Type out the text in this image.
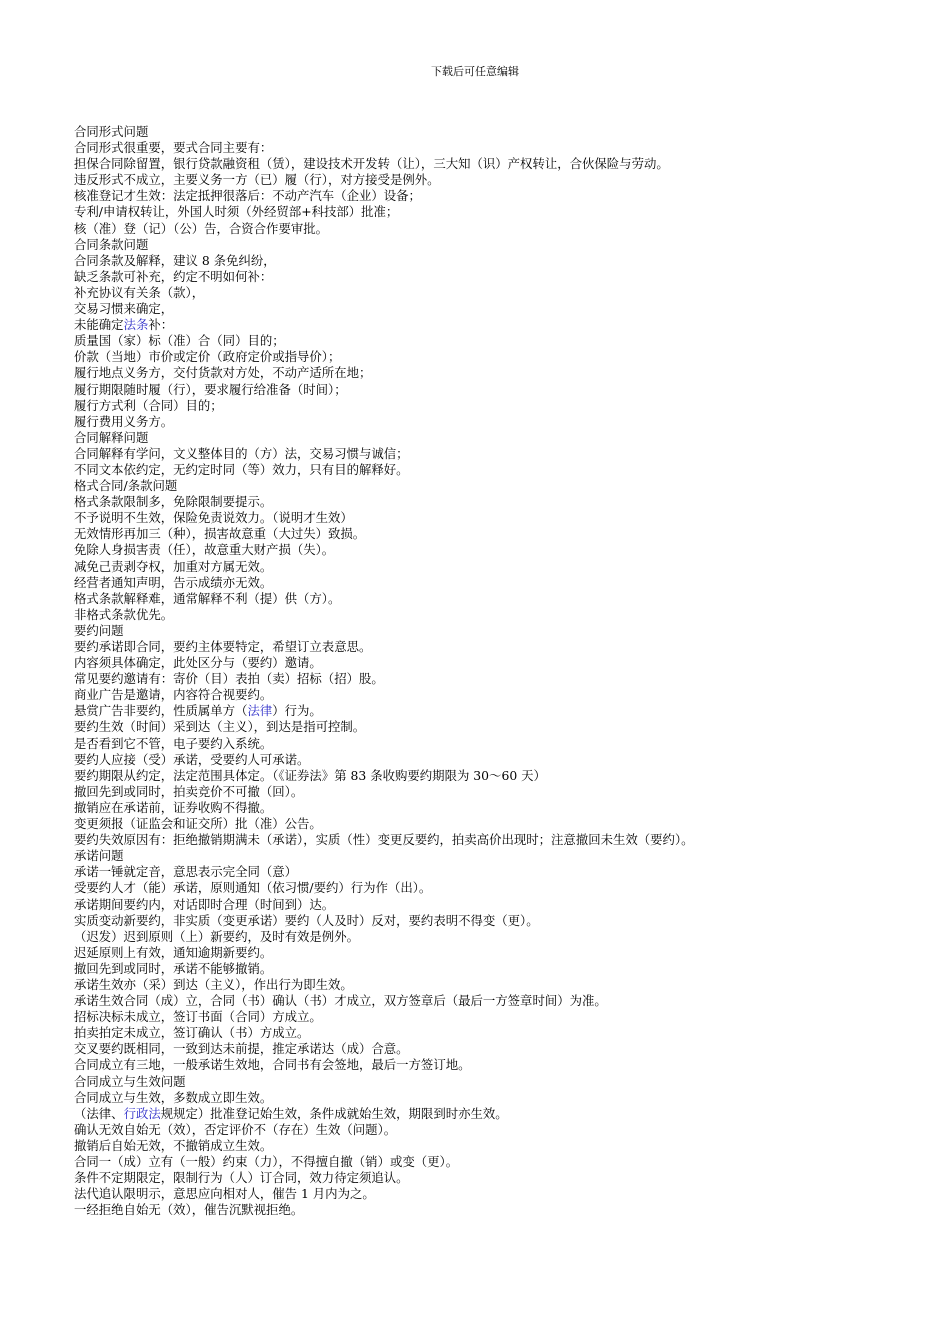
下载后可任意编辑
合同形式问题
合同形式很重要，要式合同主要有：
担保合同除留置，银行贷款融资租（赁），建设技术开发转（让），三大知（识）产权转让，合伙保险与劳动。
违反形式不成立，主要义务一方（已）履（行），对方接受是例外。
核准登记才生效：法定抵押很落后：不动产汽车（企业）设备；
专利/申请权转让，外国人时须（外经贸部+科技部）批准；
核（准）登（记）（公）告，合资合作要审批。
合同条款问题
合同条款及解释，建议 8 条免纠纷，
缺乏条款可补充，约定不明如何补：
补充协议有关条（款），
交易习惯来确定，
未能确定法条补：
质量国（家）标（准）合（同）目的；
价款（当地）市价或定价（政府定价或指导价）；
履行地点义务方，交付货款对方处，不动产适所在地；
履行期限随时履（行），要求履行给准备（时间）；
履行方式利（合同）目的；
履行费用义务方。
合同解释问题
合同解释有学问，文义整体目的（方）法，交易习惯与诚信；
不同文本依约定，无约定时同（等）效力，只有目的解释好。
格式合同/条款问题
格式条款限制多，免除限制要提示。
不予说明不生效，保险免责说效力。（说明才生效）
无效情形再加三（种），损害故意重（大过失）致损。
免除人身损害责（任），故意重大财产损（失）。
减免己责剥夺权，加重对方属无效。
经营者通知声明，告示成绩亦无效。
格式条款解释难，通常解释不利（提）供（方）。
非格式条款优先。
要约问题
要约承诺即合同，要约主体要特定，希望订立表意思。
内容须具体确定，此处区分与（要约）邀请。
常见要约邀请有：寄价（目）表拍（卖）招标（招）股。
商业广告是邀请，内容符合视要约。
悬赏广告非要约，性质属单方（法律）行为。
要约生效（时间）采到达（主义），到达是指可控制。
是否看到它不管，电子要约入系统。
要约人应接（受）承诺，受要约人可承诺。
要约期限从约定，法定范围具体定。（《证券法》第 83 条收购要约期限为 30～60 天）
撤回先到或同时，拍卖竞价不可撤（回）。
撤销应在承诺前，证券收购不得撤。
变更须报（证监会和证交所）批（准）公告。
要约失效原因有：拒绝撤销期满未（承诺），实质（性）变更反要约，拍卖高价出现时；注意撤回未生效（要约）。
承诺问题
承诺一锤就定音，意思表示完全同（意）
受要约人才（能）承诺，原则通知（依习惯/要约）行为作（出）。
承诺期间要约内，对话即时合理（时间到）达。
实质变动新要约，非实质（变更承诺）要约（人及时）反对，要约表明不得变（更）。
（迟发）迟到原则（上）新要约，及时有效是例外。
迟延原则上有效，通知逾期新要约。
撤回先到或同时，承诺不能够撤销。
承诺生效亦（采）到达（主义），作出行为即生效。
承诺生效合同（成）立，合同（书）确认（书）才成立，双方签章后（最后一方签章时间）为准。
招标决标未成立，签订书面（合同）方成立。
拍卖拍定未成立，签订确认（书）方成立。
交叉要约既相同，一致到达未前提，推定承诺达（成）合意。
合同成立有三地，一般承诺生效地，合同书有会签地，最后一方签订地。
合同成立与生效问题
合同成立与生效，多数成立即生效。
（法律、行政法规规定）批准登记始生效，条件成就始生效，期限到时亦生效。
确认无效自始无（效），否定评价不（存在）生效（问题）。
撤销后自始无效，不撤销成立生效。
合同一（成）立有（一般）约束（力），不得擅自撤（销）或变（更）。
条件不定期限定，限制行为（人）订合同，效力待定须追认。
法代追认限明示，意思应向相对人，催告 1 月内为之。
一经拒绝自始无（效），催告沉默视拒绝。
